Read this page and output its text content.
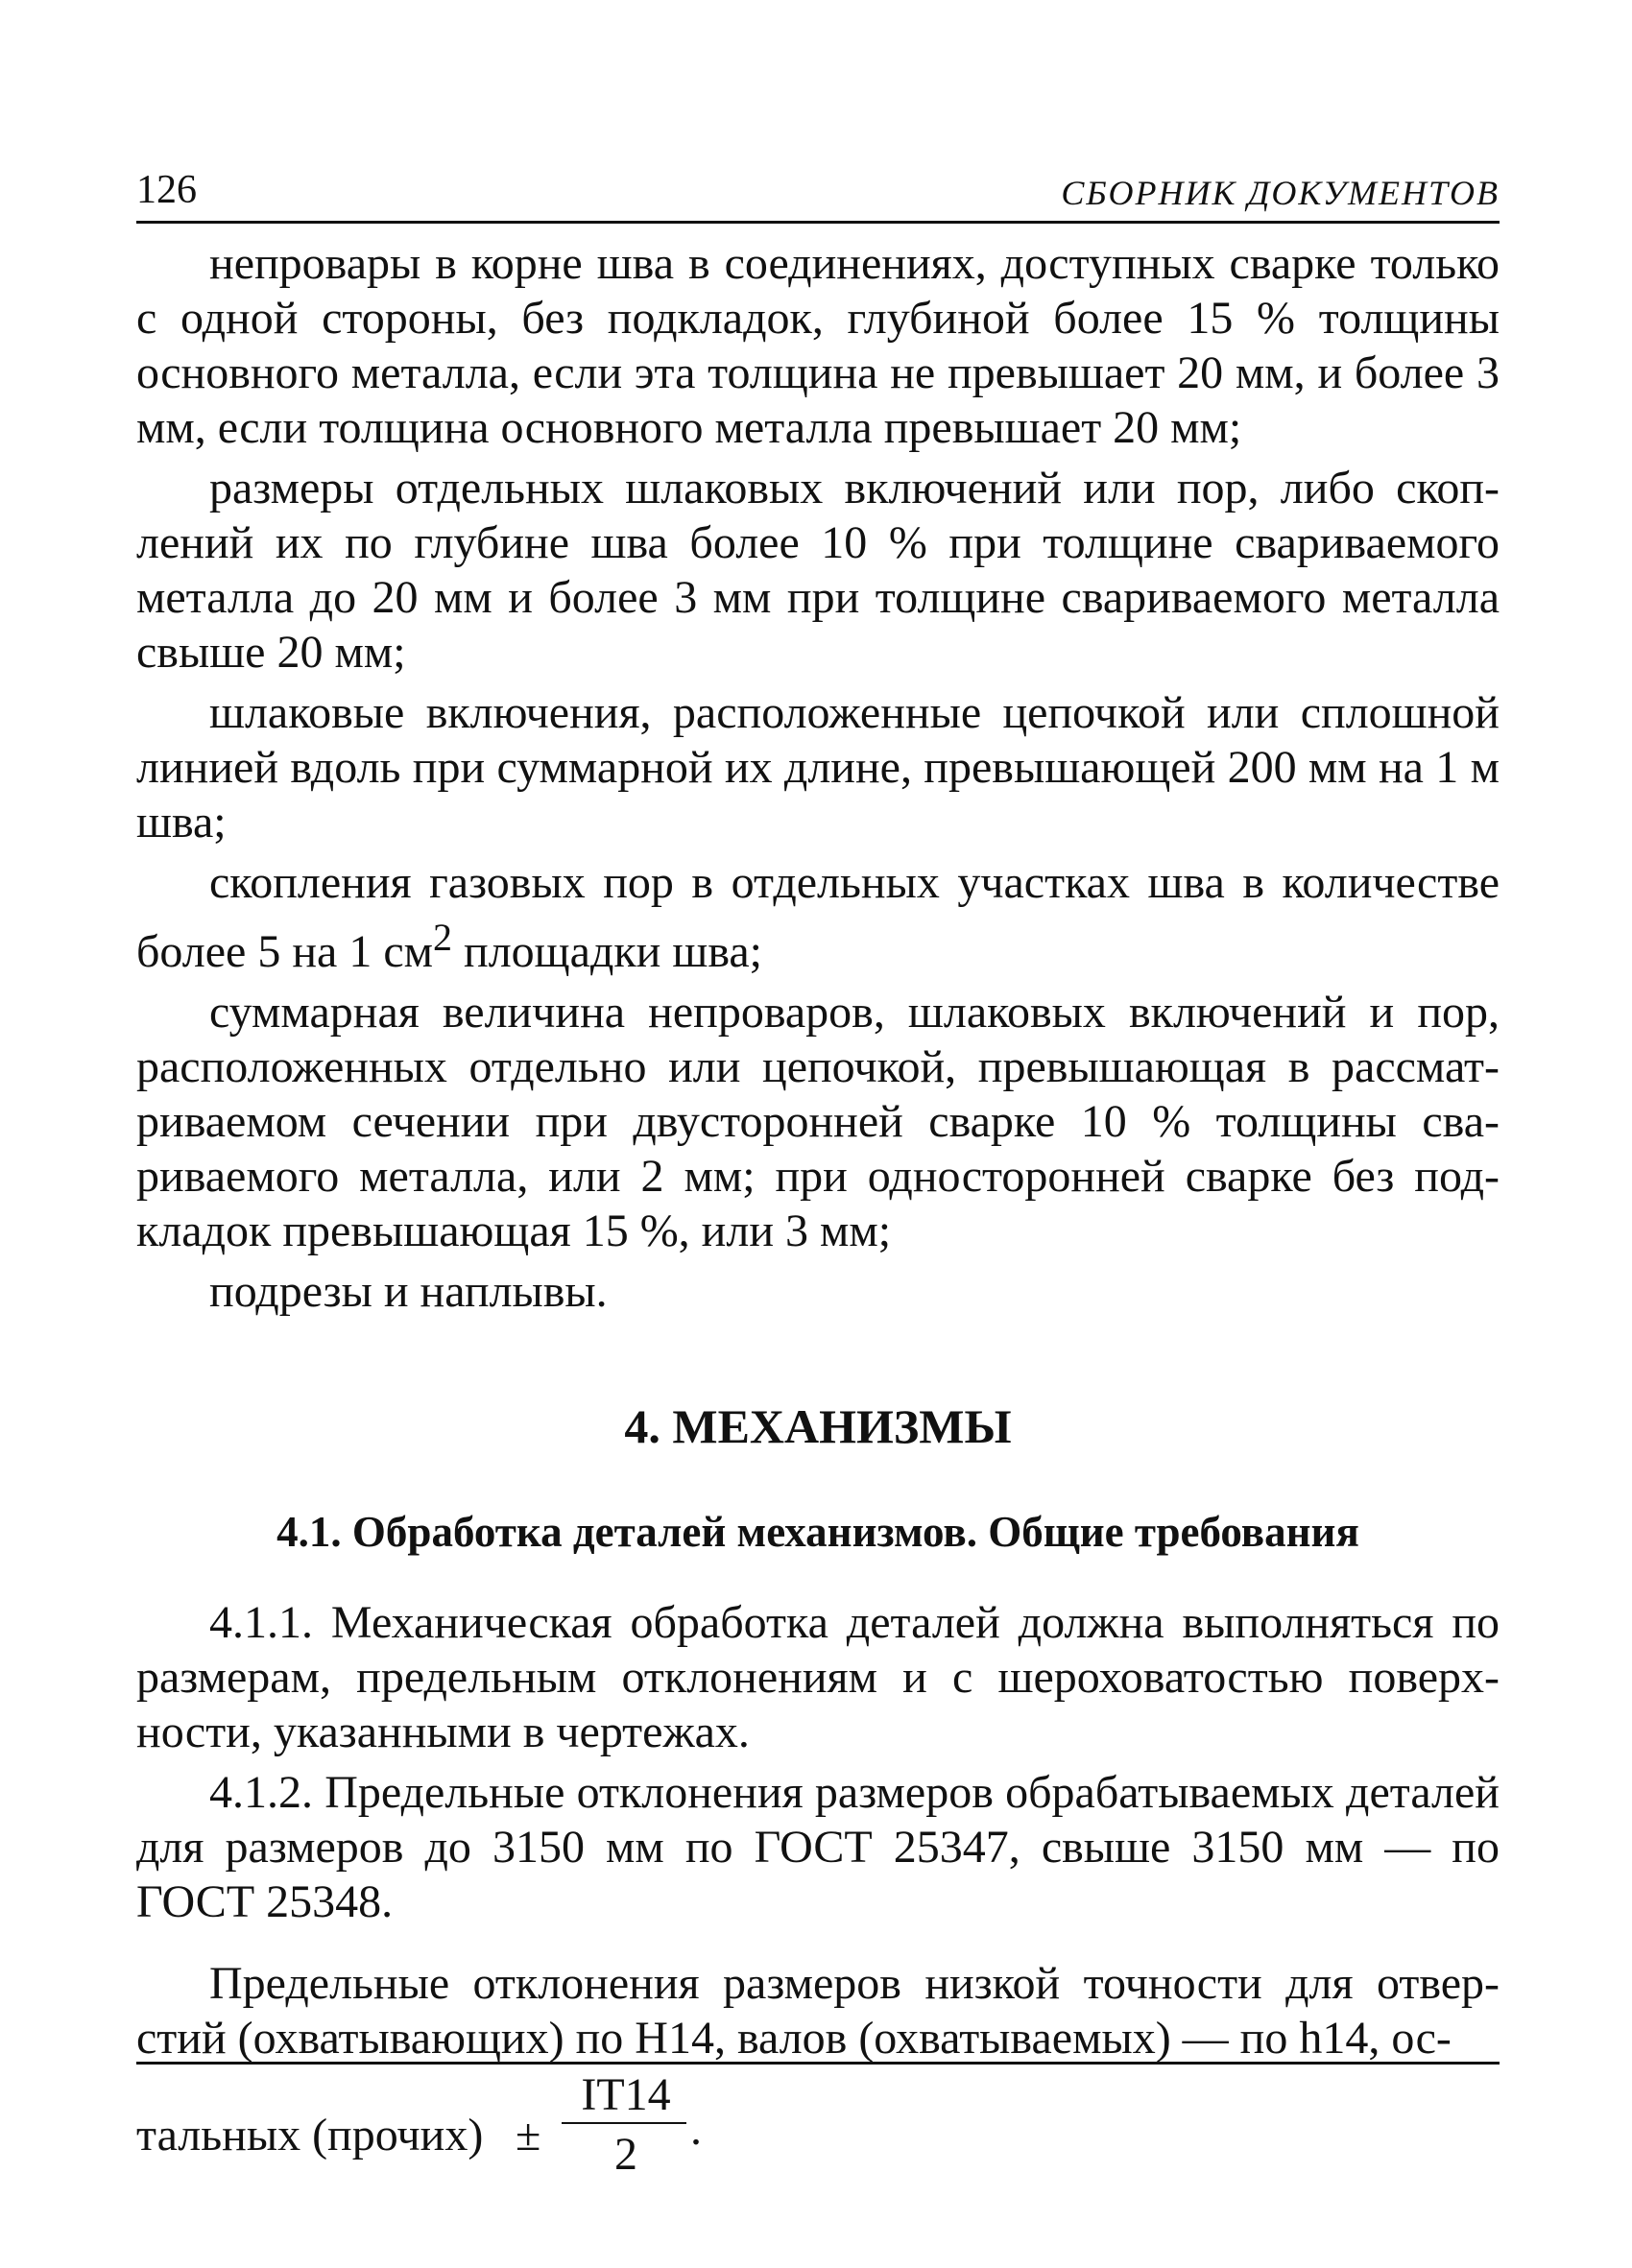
126	СБОРНИК ДОКУМЕНТОВ

непровары в корне шва в соединениях, доступных сварке только с одной стороны, без подкладок, глубиной более 15 % толщины основного металла, если эта толщина не превышает 20 мм, и более 3 мм, если толщина основного металла превышает 20 мм;

размеры отдельных шлаковых включений или пор, либо скоплений их по глубине шва более 10 % при толщине свариваемого металла до 20 мм и более 3 мм при толщине свариваемого металла свыше 20 мм;

шлаковые включения, расположенные цепочкой или сплошной линией вдоль при суммарной их длине, превышающей 200 мм на 1 м шва;

скопления газовых пор в отдельных участках шва в количестве более 5 на 1 $см^2$ площадки шва;

суммарная величина непроваров, шлаковых включений и пор, расположенных отдельно или цепочкой, превышающая в рассматриваемом сечении при двусторонней сварке 10 % толщины свариваемого металла, или 2 мм; при односторонней сварке без подкладок превышающая 15 %, или 3 мм;

подрезы и наплывы.

4. МЕХАНИЗМЫ
4.1. Обработка деталей механизмов. Общие требования

4.1.1. Механическая обработка деталей должна выполняться по размерам, предельным отклонениям и с шероховатостью поверхности, указанными в чертежах.

4.1.2. Предельные отклонения размеров обрабатываемых деталей для размеров до 3150 мм по ГОСТ 25347, свыше 3150 мм — по ГОСТ 25348.

Предельные отклонения размеров низкой точности для отверстий (охватывающих) по Н14, валов (охватываемых) — по h14, ос-

тальных (прочих) ±
IT14
2	.
